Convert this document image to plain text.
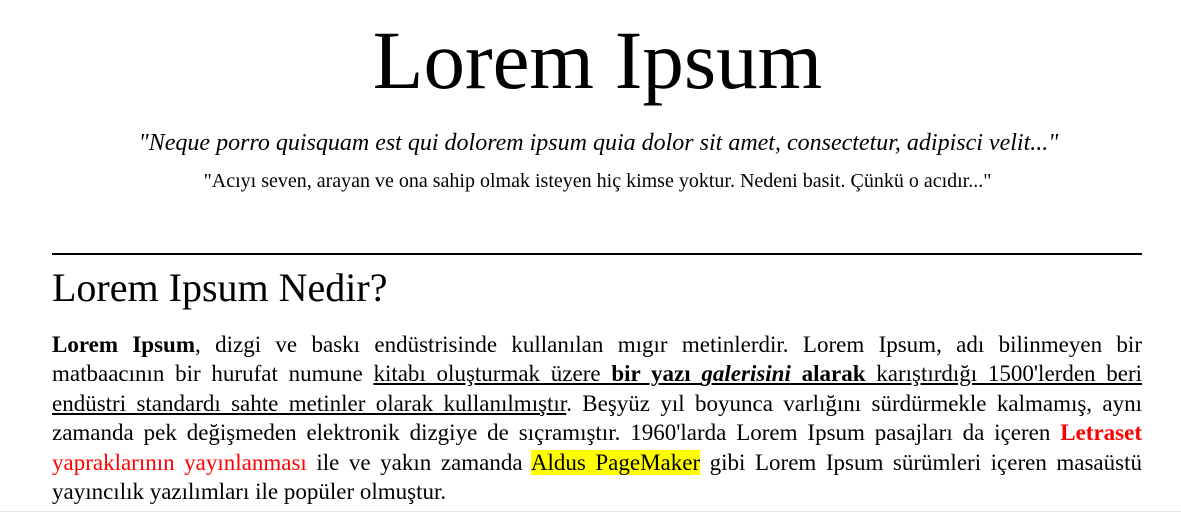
Lorem Ipsum

"Neque porro quisquam est qui dolorem ipsum quia dolor sit amet, consectetur, adipisci velit..."

"Acıyı seven, arayan ve ona sahip olmak isteyen hiç kimse yoktur. Nedeni basit. Çünkü o acıdır..."

Lorem Ipsum Nedir?

Lorem Ipsum, dizgi ve baskı endüstrisinde kullanılan mıgır metinlerdir. Lorem Ipsum, adı bilinmeyen bir matbaacının bir hurufat numune kitabı oluşturmak üzere bir yazı galerisini alarak karıştırdığı 1500'lerden beri endüstri standardı sahte metinler olarak kullanılmıştır. Beşyüz yıl boyunca varlığını sürdürmekle kalmamış, aynı zamanda pek değişmeden elektronik dizgiye de sıçramıştır. 1960'larda Lorem Ipsum pasajları da içeren Letraset yapraklarının yayınlanması ile ve yakın zamanda Aldus PageMaker gibi Lorem Ipsum sürümleri içeren masaüstü yayıncılık yazılımları ile popüler olmuştur.
